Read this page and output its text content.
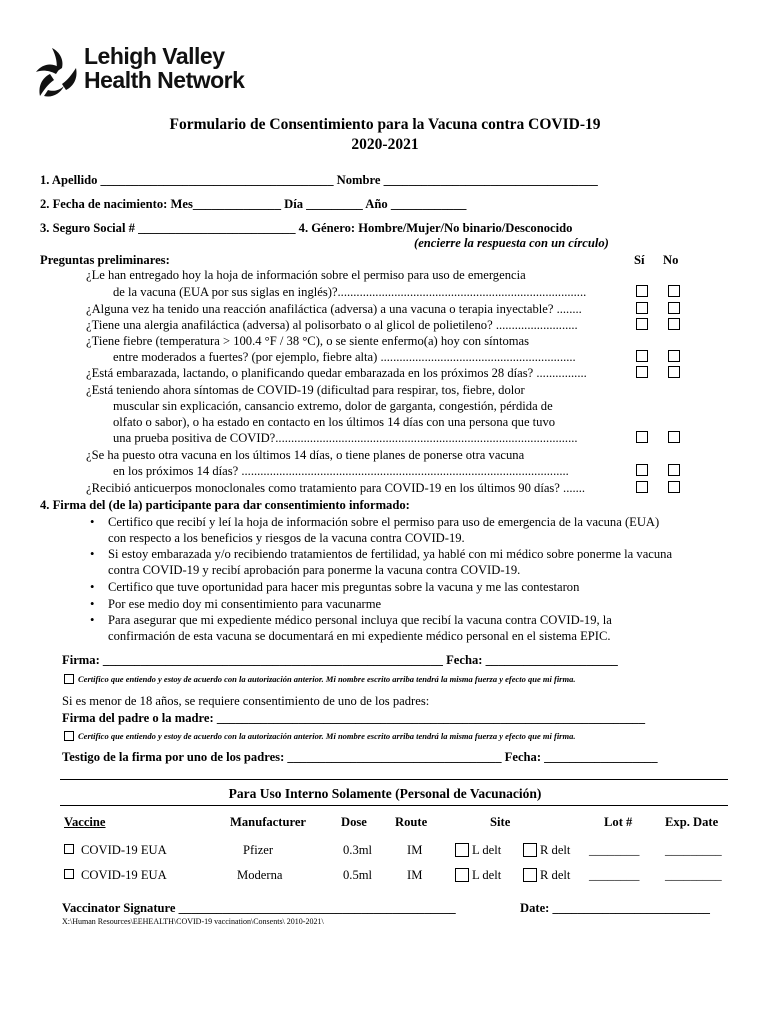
Lehigh Valley
Health Network
Formulario de Consentimiento para la Vacuna contra COVID-19
2020-2021
1. Apellido _____________________________________ Nombre __________________________________
2. Fecha de nacimiento: Mes______________ Día _________ Año ____________
3. Seguro Social # _________________________ 4. Género: Hombre/Mujer/No binario/Desconocido
(encierre la respuesta con un círculo)
Preguntas preliminares:	Sí No
¿Le han entregado hoy la hoja de información sobre el permiso para uso de emergencia
de la vacuna (EUA por sus siglas en inglés)?...............................................................................
¿Alguna vez ha tenido una reacción anafiláctica (adversa) a una vacuna o terapia inyectable? ........
¿Tiene una alergia anafiláctica (adversa) al polisorbato o al glicol de polietileno? ..........................
¿Tiene fiebre (temperatura > 100.4 °F / 38 °C), o se siente enfermo(a) hoy con síntomas
entre moderados a fuertes? (por ejemplo, fiebre alta) ..............................................................
¿Está embarazada, lactando, o planificando quedar embarazada en los próximos 28 días? ................
¿Está teniendo ahora síntomas de COVID-19 (dificultad para respirar, tos, fiebre, dolor
muscular sin explicación, cansancio extremo, dolor de garganta, congestión, pérdida de
olfato o sabor), o ha estado en contacto en los últimos 14 días con una persona que tuvo
una prueba positiva de COVID?................................................................................................
¿Se ha puesto otra vacuna en los últimos 14 días, o tiene planes de ponerse otra vacuna
en los próximos 14 días? ........................................................................................................
¿Recibió anticuerpos monoclonales como tratamiento para COVID-19 en los últimos 90 días? .......
4. Firma del (de la) participante para dar consentimiento informado:
• Certifico que recibí y leí la hoja de información sobre el permiso para uso de emergencia de la vacuna (EUA)
con respecto a los beneficios y riesgos de la vacuna contra COVID-19.
• Si estoy embarazada y/o recibiendo tratamientos de fertilidad, ya hablé con mi médico sobre ponerme la vacuna
contra COVID-19 y recibí aprobación para ponerme la vacuna contra COVID-19.
• Certifico que tuve oportunidad para hacer mis preguntas sobre la vacuna y me las contestaron
• Por ese medio doy mi consentimiento para vacunarme
• Para asegurar que mi expediente médico personal incluya que recibí la vacuna contra COVID-19, la
confirmación de esta vacuna se documentará en mi expediente médico personal en el sistema EPIC.
Firma: ______________________________________________________ Fecha: _____________________
Certifico que entiendo y estoy de acuerdo con la autorización anterior. Mi nombre escrito arriba tendrá la misma fuerza y efecto que mi firma.
Si es menor de 18 años, se requiere consentimiento de uno de los padres:
Firma del padre o la madre: ____________________________________________________________________
Certifico que entiendo y estoy de acuerdo con la autorización anterior. Mi nombre escrito arriba tendrá la misma fuerza y efecto que mi firma.
Testigo de la firma por uno de los padres: __________________________________ Fecha: __________________
Para Uso Interno Solamente (Personal de Vacunación)
Vaccine	Manufacturer	Dose Route	Site	Lot #	Exp. Date
COVID-19 EUA	Pfizer	0.3ml	IM	L delt	R delt ________ _________
COVID-19 EUA	Moderna	0.5ml	IM	L delt	R delt ________ _________
Vaccinator Signature ____________________________________________	Date: _________________________
X:\Human Resources\EEHEALTH\COVID-19 vaccination\Consents\ 2010-2021\
